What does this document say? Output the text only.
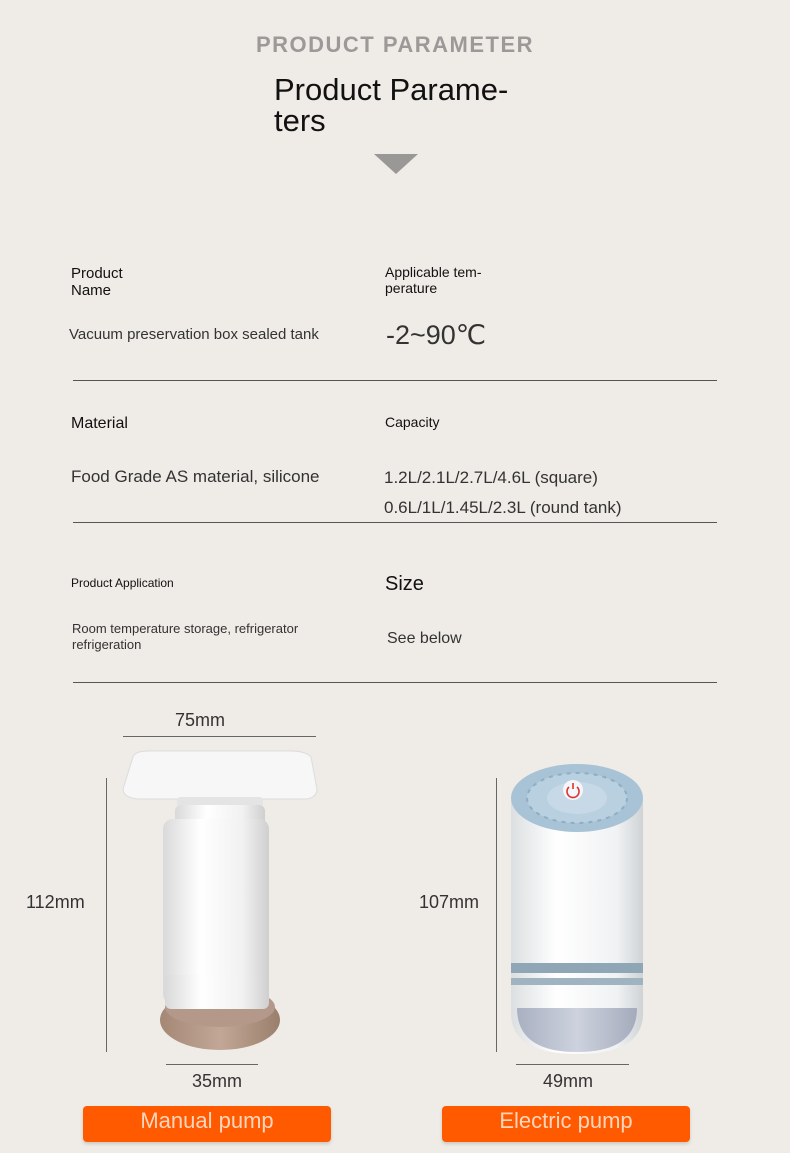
PRODUCT PARAMETER
Product Parame-
ters
Product
Name
Vacuum preservation box sealed tank
Applicable tem-
perature
-2~90℃
Material
Food Grade AS material, silicone
Capacity
1.2L/2.1L/2.7L/4.6L (square)
0.6L/1L/1.45L/2.3L (round tank)
Product Application
Room temperature storage, refrigerator
refrigeration
Size
See below
75mm
112mm
35mm
107mm
49mm
Manual pump	Electric pump
